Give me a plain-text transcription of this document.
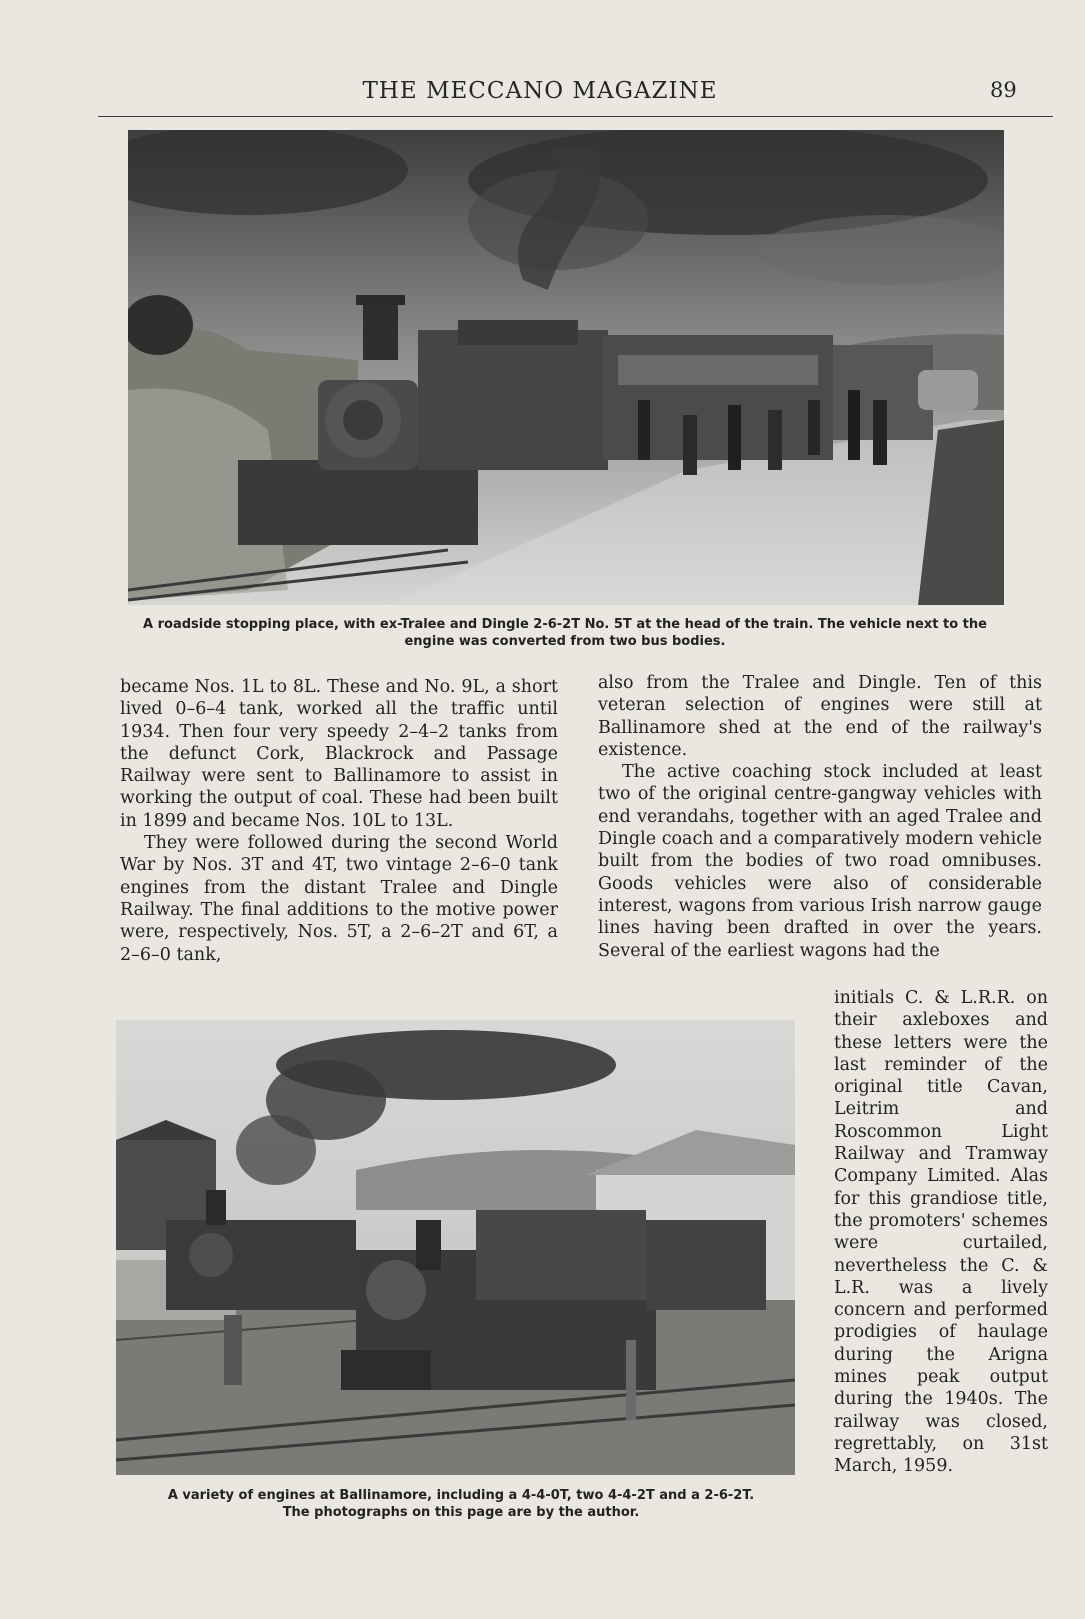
THE MECCANO MAGAZINE	89
A roadside stopping place, with ex-Tralee and Dingle 2-6-2T No. 5T at the head of the train. The vehicle next to the engine was converted from two bus bodies.

became Nos. 1L to 8L. These and No. 9L, a short lived 0–6–4 tank, worked all the traffic until 1934. Then four very speedy 2–4–2 tanks from the defunct Cork, Blackrock and Passage Railway were sent to Ballinamore to assist in working the output of coal. These had been built in 1899 and became Nos. 10L to 13L.

They were followed during the second World War by Nos. 3T and 4T, two vintage 2–6–0 tank engines from the distant Tralee and Dingle Railway. The final additions to the motive power were, respectively, Nos. 5T, a 2–6–2T and 6T, a 2–6–0 tank,

also from the Tralee and Dingle. Ten of this veteran selection of engines were still at Ballinamore shed at the end of the railway's existence.

The active coaching stock included at least two of the original centre-gangway vehicles with end verandahs, together with an aged Tralee and Dingle coach and a comparatively modern vehicle built from the bodies of two road omnibuses. Goods vehicles were also of considerable interest, wagons from various Irish narrow gauge lines having been drafted in over the years. Several of the earliest wagons had the

initials C. & L.R.R. on their axleboxes and these letters were the last reminder of the original title Cavan, Leitrim and Roscommon Light Railway and Tramway Company Limited. Alas for this grandiose title, the promoters' schemes were curtailed, nevertheless the C. & L.R. was a lively concern and performed prodigies of haulage during the Arigna mines peak output during the 1940s. The railway was closed, regrettably, on 31st March, 1959.

A variety of engines at Ballinamore, including a 4-4-0T, two 4-4-2T and a 2-6-2T.
The photographs on this page are by the author.
